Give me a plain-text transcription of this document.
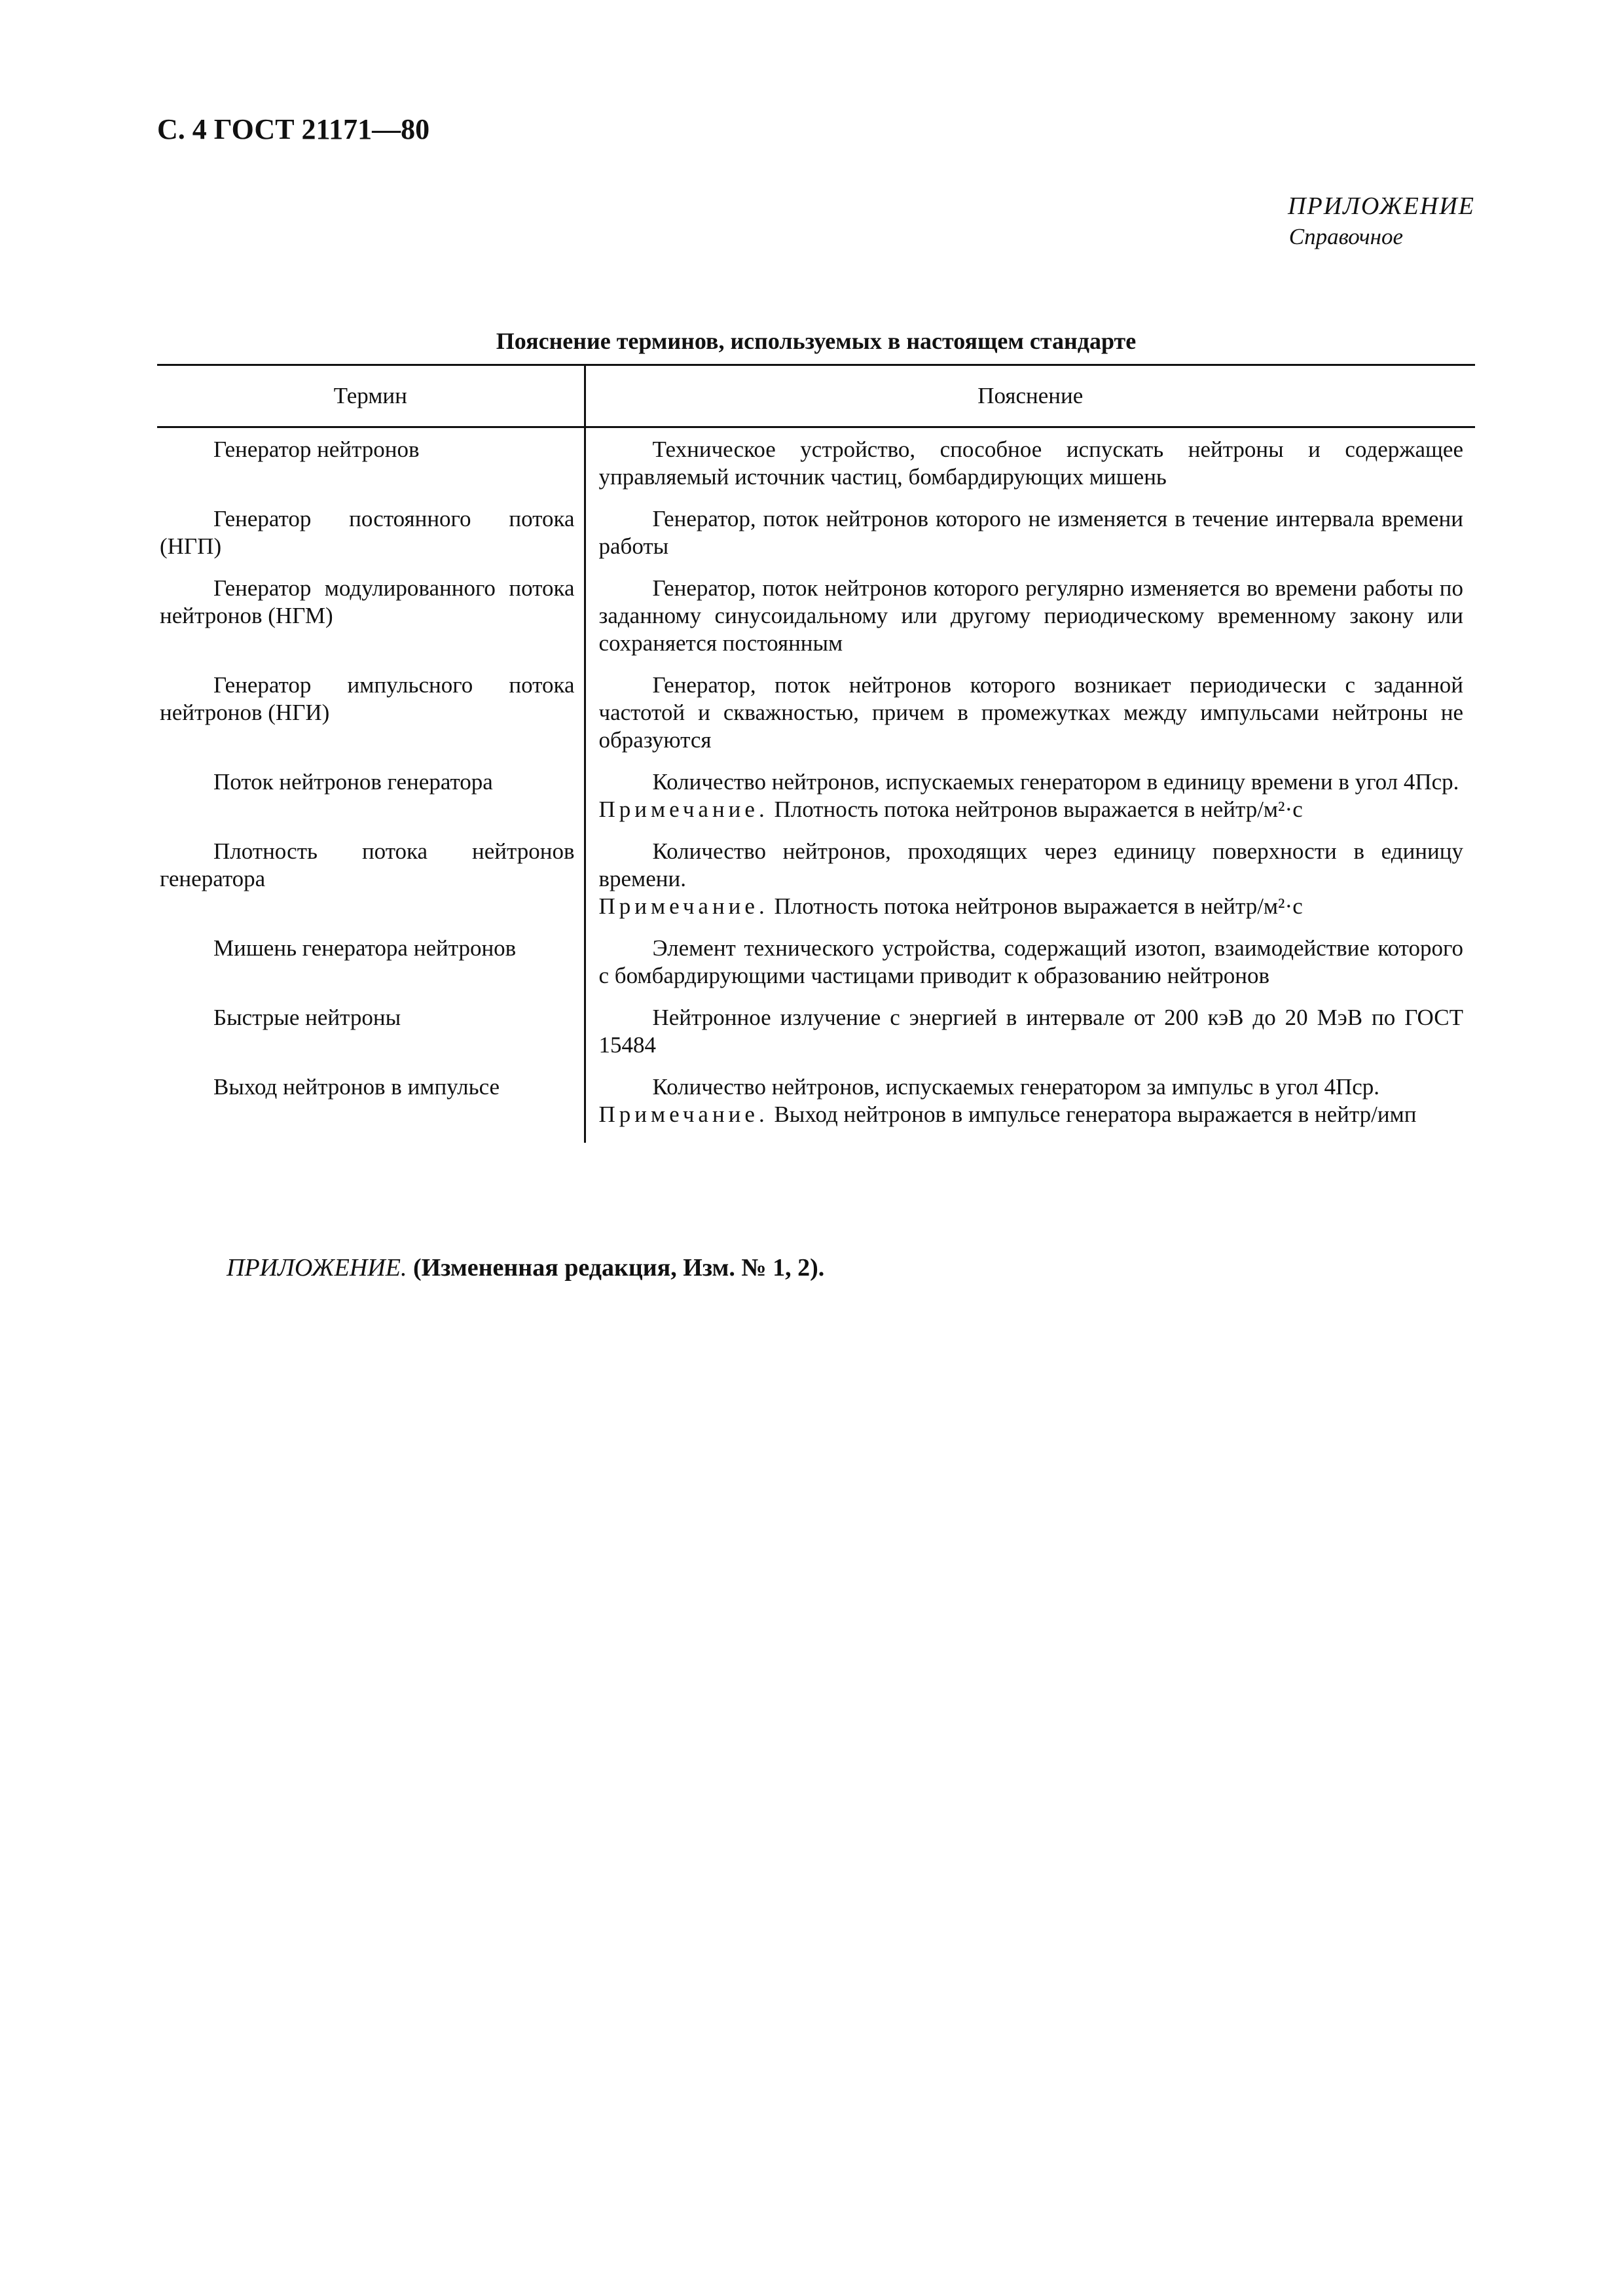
С. 4 ГОСТ 21171—80
ПРИЛОЖЕНИЕ
Справочное
Пояснение терминов, используемых в настоящем стандарте
Термин	Пояснение

Генератор нейтронов	Техническое устройство, способное испускать нейтроны и содержащее управляемый источник частиц, бомбардирующих мишень

Генератор постоянного потока (НГП)	Генератор, поток нейтронов которого не изменяется в течение интервала времени работы

Генератор модулированного потока нейтронов (НГМ)	Генератор, поток нейтронов которого регулярно изменяется во времени работы по заданному синусоидальному или другому периодическому временному закону или сохраняется постоянным

Генератор импульсного потока нейтронов (НГИ)	Генератор, поток нейтронов которого возникает периодически с заданной частотой и скважностью, причем в промежутках между импульсами нейтроны не образуются

Поток нейтронов генератора	Количество нейтронов, испускаемых генератором в единицу времени в угол 4Пср.
Примечание. Плотность потока нейтронов выражается в нейтр/м²·с

Плотность потока нейтронов генератора	Количество нейтронов, проходящих через единицу поверхности в единицу времени.
Примечание. Плотность потока нейтронов выражается в нейтр/м²·с

Мишень генератора нейтронов	Элемент технического устройства, содержащий изотоп, взаимодействие которого с бомбардирующими частицами приводит к образованию нейтронов

Быстрые нейтроны	Нейтронное излучение с энергией в интервале от 200 кэВ до 20 МэВ по ГОСТ 15484

Выход нейтронов в импульсе	Количество нейтронов, испускаемых генератором за импульс в угол 4Пср.
Примечание. Выход нейтронов в импульсе генератора выражается в нейтр/имп
ПРИЛОЖЕНИЕ. (Измененная редакция, Изм. № 1, 2).
